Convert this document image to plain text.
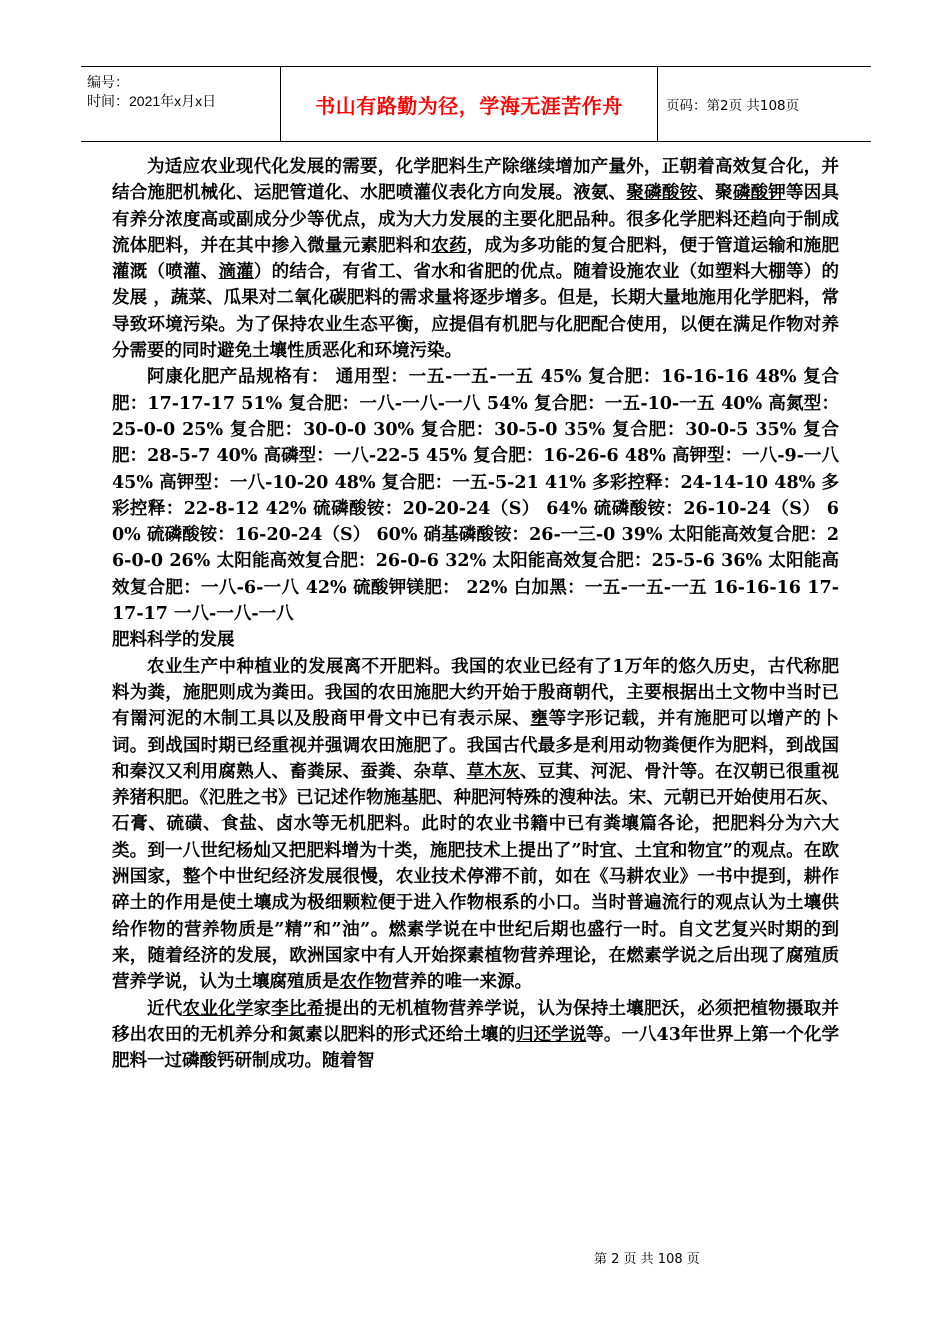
编号：
时间：2021年x月x日	书山有路勤为径，学海无涯苦作舟	页码：第2页 共108页

为适应农业现代化发展的需要，化学肥料生产除继续增加产量外，正朝着高效复合化，并结合施肥机械化、运肥管道化、水肥喷灌仪表化方向发展。液氨、聚磷酸铵、聚磷酸钾等因具有养分浓度高或副成分少等优点，成为大力发展的主要化肥品种。很多化学肥料还趋向于制成流体肥料，并在其中掺入微量元素肥料和农药，成为多功能的复合肥料，便于管道运输和施肥灌溉（喷灌、滴灌）的结合，有省工、省水和省肥的优点。随着设施农业（如塑料大棚等）的发展 ，蔬菜、瓜果对二氧化碳肥料的需求量将逐步增多。但是，长期大量地施用化学肥料，常导致环境污染。为了保持农业生态平衡，应提倡有机肥与化肥配合使用，以便在满足作物对养分需要的同时避免土壤性质恶化和环境污染。

阿康化肥产品规格有： 通用型：一五-一五-一五 45% 复合肥：16-16-16 48% 复合肥：17-17-17 51% 复合肥：一八-一八-一八 54% 复合肥：一五-10-一五 40% 高氮型：25-0-0 25% 复合肥：30-0-0 30% 复合肥：30-5-0 35% 复合肥：30-0-5 35% 复合肥：28-5-7 40% 高磷型：一八-22-5 45% 复合肥：16-26-6 48% 高钾型：一八-9-一八 45% 高钾型：一八-10-20 48% 复合肥：一五-5-21 41% 多彩控释：24-14-10 48% 多彩控释：22-8-12 42% 硫磷酸铵：20-20-24（S） 64% 硫磷酸铵：26-10-24（S） 60% 硫磷酸铵：16-20-24（S） 60% 硝基磷酸铵：26-一三-0 39% 太阳能高效复合肥：26-0-0 26% 太阳能高效复合肥：26-0-6 32% 太阳能高效复合肥：25-5-6 36% 太阳能高效复合肥：一八-6-一八 42% 硫酸钾镁肥： 22% 白加黑：一五-一五-一五 16-16-16 17-17-17 一八-一八-一八

肥料科学的发展

农业生产中种植业的发展离不开肥料。我国的农业已经有了1万年的悠久历史，古代称肥料为粪，施肥则成为粪田。我国的农田施肥大约开始于殷商朝代，主要根据出土文物中当时已有罱河泥的木制工具以及殷商甲骨文中已有表示屎、壅等字形记载，并有施肥可以增产的卜词。到战国时期已经重视并强调农田施肥了。我国古代最多是利用动物粪便作为肥料，到战国和秦汉又利用腐熟人、畜粪尿、蚕粪、杂草、草木灰、豆萁、河泥、骨汁等。在汉朝已很重视养猪积肥。《氾胜之书》已记述作物施基肥、种肥河特殊的溲种法。宋、元朝已开始使用石灰、石膏、硫磺、食盐、卤水等无机肥料。此时的农业书籍中已有粪壤篇各论，把肥料分为六大类。到一八世纪杨灿又把肥料增为十类，施肥技术上提出了”时宜、土宜和物宜”的观点。在欧洲国家，整个中世纪经济发展很慢，农业技术停滞不前，如在《马耕农业》一书中提到，耕作碎土的作用是使土壤成为极细颗粒便于进入作物根系的小口。当时普遍流行的观点认为土壤供给作物的营养物质是”精”和”油”。燃素学说在中世纪后期也盛行一时。自文艺复兴时期的到来，随着经济的发展，欧洲国家中有人开始探素植物营养理论，在燃素学说之后出现了腐殖质营养学说，认为土壤腐殖质是农作物营养的唯一来源。

近代农业化学家李比希提出的无机植物营养学说，认为保持土壤肥沃，必须把植物摄取并移出农田的无机养分和氮素以肥料的形式还给土壤的归还学说等。一八43年世界上第一个化学肥料一过磷酸钙研制成功。随着智

第 2 页 共 108 页
